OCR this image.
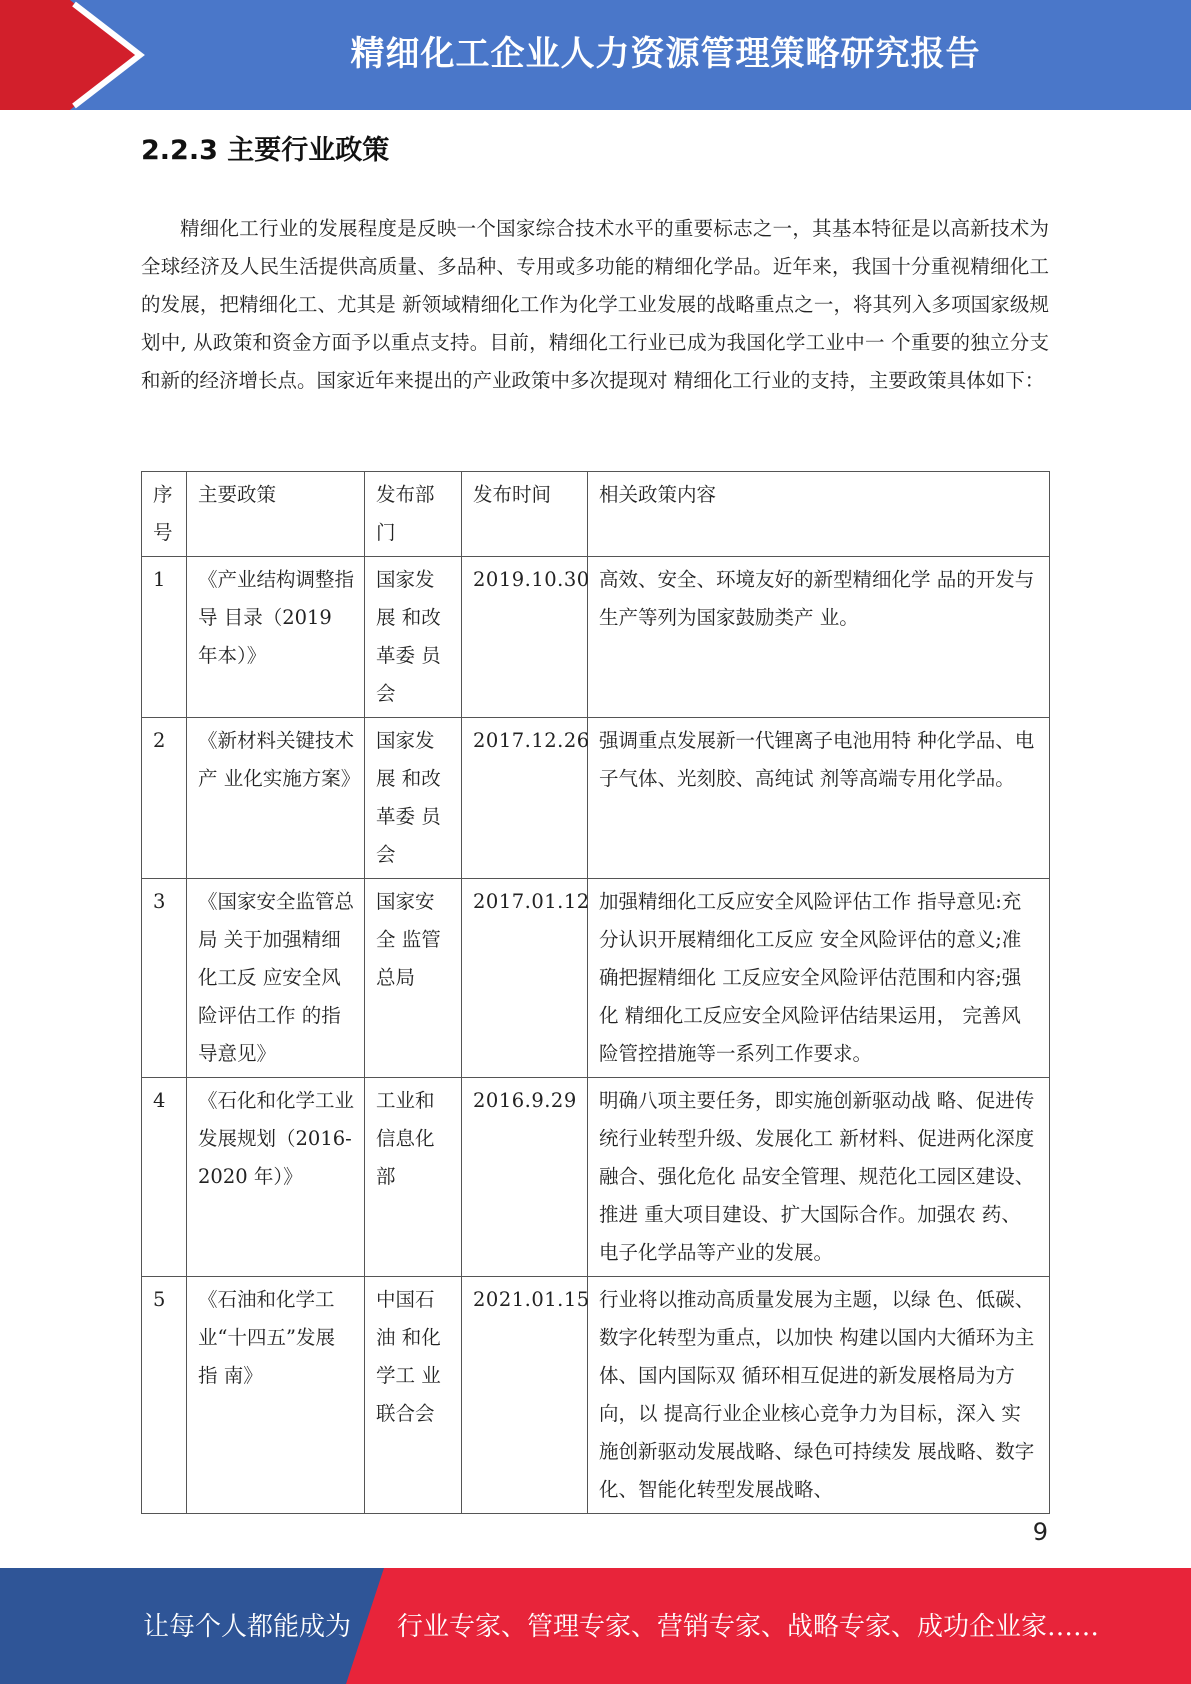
精细化工企业人力资源管理策略研究报告
2.2.3 主要行业政策

精细化工行业的发展程度是反映一个国家综合技术水平的重要标志之一，其基本特征是以高新技术为全球经济及人民生活提供高质量、多品种、专用或多功能的精细化学品。近年来，我国十分重视精细化工的发展，把精细化工、尤其是 新领域精细化工作为化学工业发展的战略重点之一，将其列入多项国家级规划中, 从政策和资金方面予以重点支持。目前，精细化工行业已成为我国化学工业中一 个重要的独立分支和新的经济增长点。国家近年来提出的产业政策中多次提现对 精细化工行业的支持，主要政策具体如下：

序号	主要政策	发布部门	发布时间	相关政策内容
1	《产业结构调整指导 目录（2019 年本）》	国家发展 和改革委 员会	2019.10.30	高效、安全、环境友好的新型精细化学 品的开发与生产等列为国家鼓励类产 业。
2	《新材料关键技术产 业化实施方案》	国家发展 和改革委 员会	2017.12.26	强调重点发展新一代锂离子电池用特 种化学品、电子气体、光刻胶、高纯试 剂等高端专用化学品。
3	《国家安全监管总局 关于加强精细化工反 应安全风险评估工作 的指导意见》	国家安全 监管总局	2017.01.12	加强精细化工反应安全风险评估工作 指导意见:充分认识开展精细化工反应 安全风险评估的意义;准确把握精细化 工反应安全风险评估范围和内容;强化 精细化工反应安全风险评估结果运用， 完善风险管控措施等一系列工作要求。
4	《石化和化学工业发展规划（2016-2020 年）》	工业和信息化部	2016.9.29	明确八项主要任务，即实施创新驱动战 略、促进传统行业转型升级、发展化工 新材料、促进两化深度融合、强化危化 品安全管理、规范化工园区建设、推进 重大项目建设、扩大国际合作。加强农 药、电子化学品等产业的发展。
5	《石油和化学工业“十四五”发展指 南》	中国石油 和化学工 业联合会	2021.01.15	行业将以推动高质量发展为主题，以绿 色、低碳、数字化转型为重点，以加快 构建以国内大循环为主体、国内国际双 循环相互促进的新发展格局为方向，以 提高行业企业核心竞争力为目标，深入 实施创新驱动发展战略、绿色可持续发 展战略、数字化、智能化转型发展战略、
9
让每个人都能成为 行业专家、管理专家、营销专家、战略专家、成功企业家……
